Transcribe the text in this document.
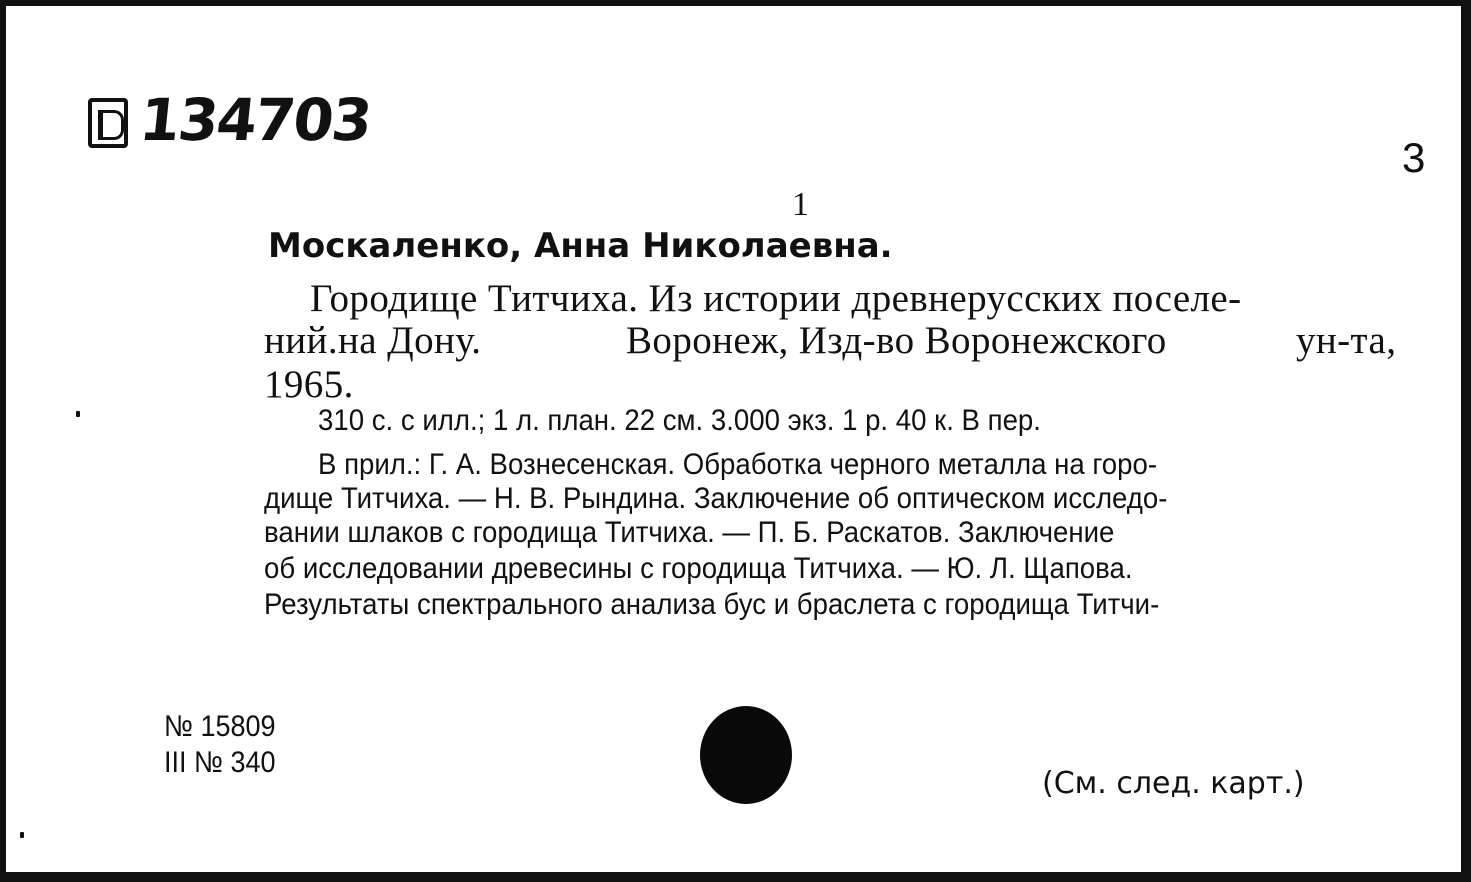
134703
3
1
Москаленко, Анна Николаевна.
Городище Титчиха. Из истории древнерусских поселе-
ний.на Дону.	Воронеж, Изд-во Воронежского	ун-та,
1965.
310 с. с илл.; 1 л. план. 22 см. 3.000 экз. 1 р. 40 к. В пер.
В прил.: Г. А. Вознесенская. Обработка черного металла на горо-
дище Титчиха. — Н. В. Рындина. Заключение об оптическом исследо-
вании шлаков с городища Титчиха. — П. Б. Раскатов. Заключение
об исследовании древесины с городища Титчиха. — Ю. Л. Щапова.
Результаты спектрального анализа бус и браслета с городища Титчи-
№ 15809
III № 340
(См. след. карт.)
